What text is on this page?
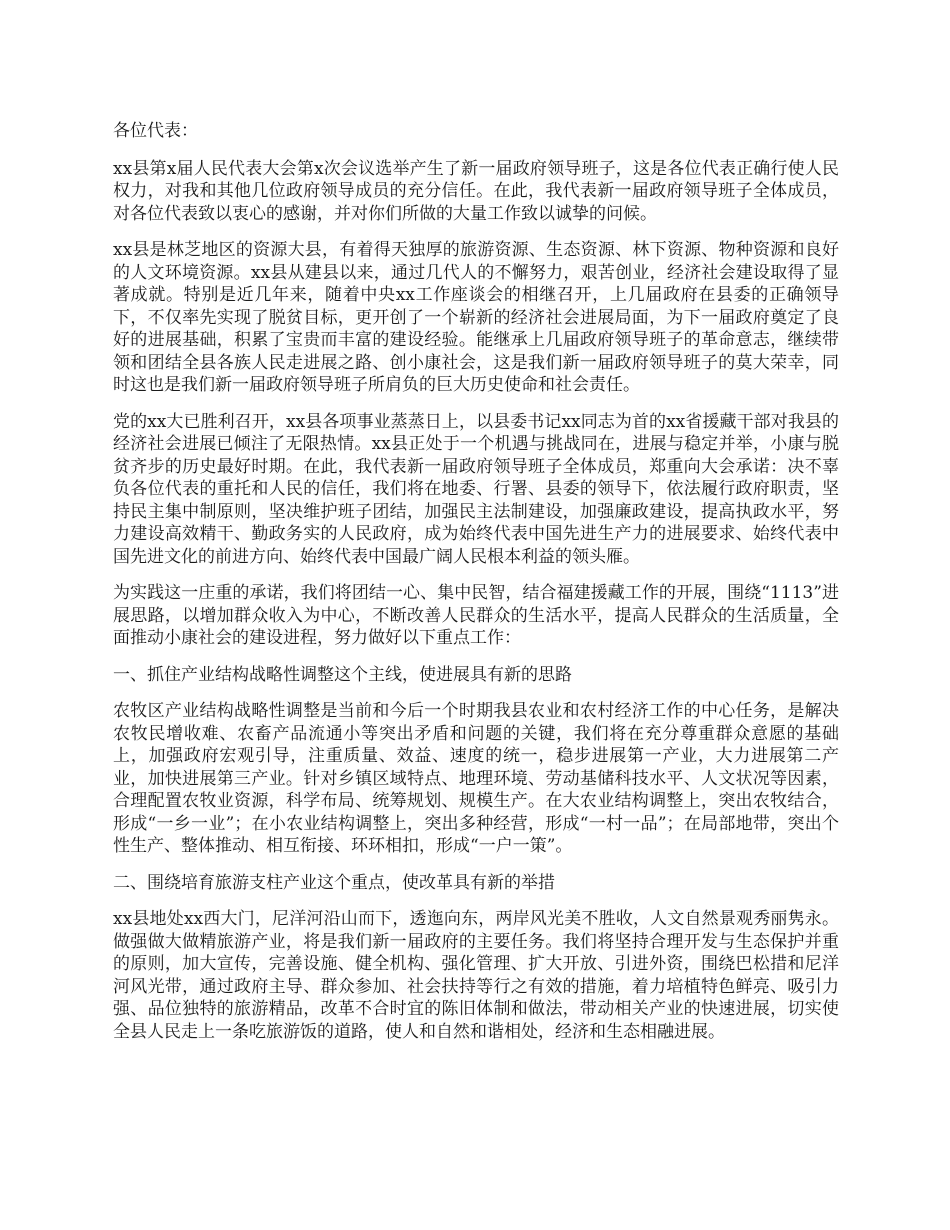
各位代表：

xx县第x届人民代表大会第x次会议选举产生了新一届政府领导班子，这是各位代表正确行使人民权力，对我和其他几位政府领导成员的充分信任。在此，我代表新一届政府领导班子全体成员，对各位代表致以衷心的感谢，并对你们所做的大量工作致以诚挚的问候。

xx县是林芝地区的资源大县，有着得天独厚的旅游资源、生态资源、林下资源、物种资源和良好的人文环境资源。xx县从建县以来，通过几代人的不懈努力，艰苦创业，经济社会建设取得了显著成就。特别是近几年来，随着中央xx工作座谈会的相继召开，上几届政府在县委的正确领导下，不仅率先实现了脱贫目标，更开创了一个崭新的经济社会进展局面，为下一届政府奠定了良好的进展基础，积累了宝贵而丰富的建设经验。能继承上几届政府领导班子的革命意志，继续带领和团结全县各族人民走进展之路、创小康社会，这是我们新一届政府领导班子的莫大荣幸，同时这也是我们新一届政府领导班子所肩负的巨大历史使命和社会责任。

党的xx大已胜利召开，xx县各项事业蒸蒸日上，以县委书记xx同志为首的xx省援藏干部对我县的经济社会进展已倾注了无限热情。xx县正处于一个机遇与挑战同在，进展与稳定并举，小康与脱贫齐步的历史最好时期。在此，我代表新一届政府领导班子全体成员，郑重向大会承诺：决不辜负各位代表的重托和人民的信任，我们将在地委、行署、县委的领导下，依法履行政府职责，坚持民主集中制原则，坚决维护班子团结，加强民主法制建设，加强廉政建设，提高执政水平，努力建设高效精干、勤政务实的人民政府，成为始终代表中国先进生产力的进展要求、始终代表中国先进文化的前进方向、始终代表中国最广阔人民根本利益的领头雁。

为实践这一庄重的承诺，我们将团结一心、集中民智，结合福建援藏工作的开展，围绕“1113”进展思路，以增加群众收入为中心，不断改善人民群众的生活水平，提高人民群众的生活质量，全面推动小康社会的建设进程，努力做好以下重点工作：

一、抓住产业结构战略性调整这个主线，使进展具有新的思路

农牧区产业结构战略性调整是当前和今后一个时期我县农业和农村经济工作的中心任务，是解决农牧民增收难、农畜产品流通小等突出矛盾和问题的关键，我们将在充分尊重群众意愿的基础上，加强政府宏观引导，注重质量、效益、速度的统一，稳步进展第一产业，大力进展第二产业，加快进展第三产业。针对乡镇区域特点、地理环境、劳动基储科技水平、人文状况等因素，合理配置农牧业资源，科学布局、统筹规划、规模生产。在大农业结构调整上，突出农牧结合，形成“一乡一业”；在小农业结构调整上，突出多种经营，形成“一村一品”；在局部地带，突出个性生产、整体推动、相互衔接、环环相扣，形成“一户一策”。

二、围绕培育旅游支柱产业这个重点，使改革具有新的举措

xx县地处xx西大门，尼洋河沿山而下，透迤向东，两岸风光美不胜收，人文自然景观秀丽隽永。做强做大做精旅游产业，将是我们新一届政府的主要任务。我们将坚持合理开发与生态保护并重的原则，加大宣传，完善设施、健全机构、强化管理、扩大开放、引进外资，围绕巴松措和尼洋河风光带，通过政府主导、群众参加、社会扶持等行之有效的措施，着力培植特色鲜亮、吸引力强、品位独特的旅游精品，改革不合时宜的陈旧体制和做法，带动相关产业的快速进展，切实使全县人民走上一条吃旅游饭的道路，使人和自然和谐相处，经济和生态相融进展。
